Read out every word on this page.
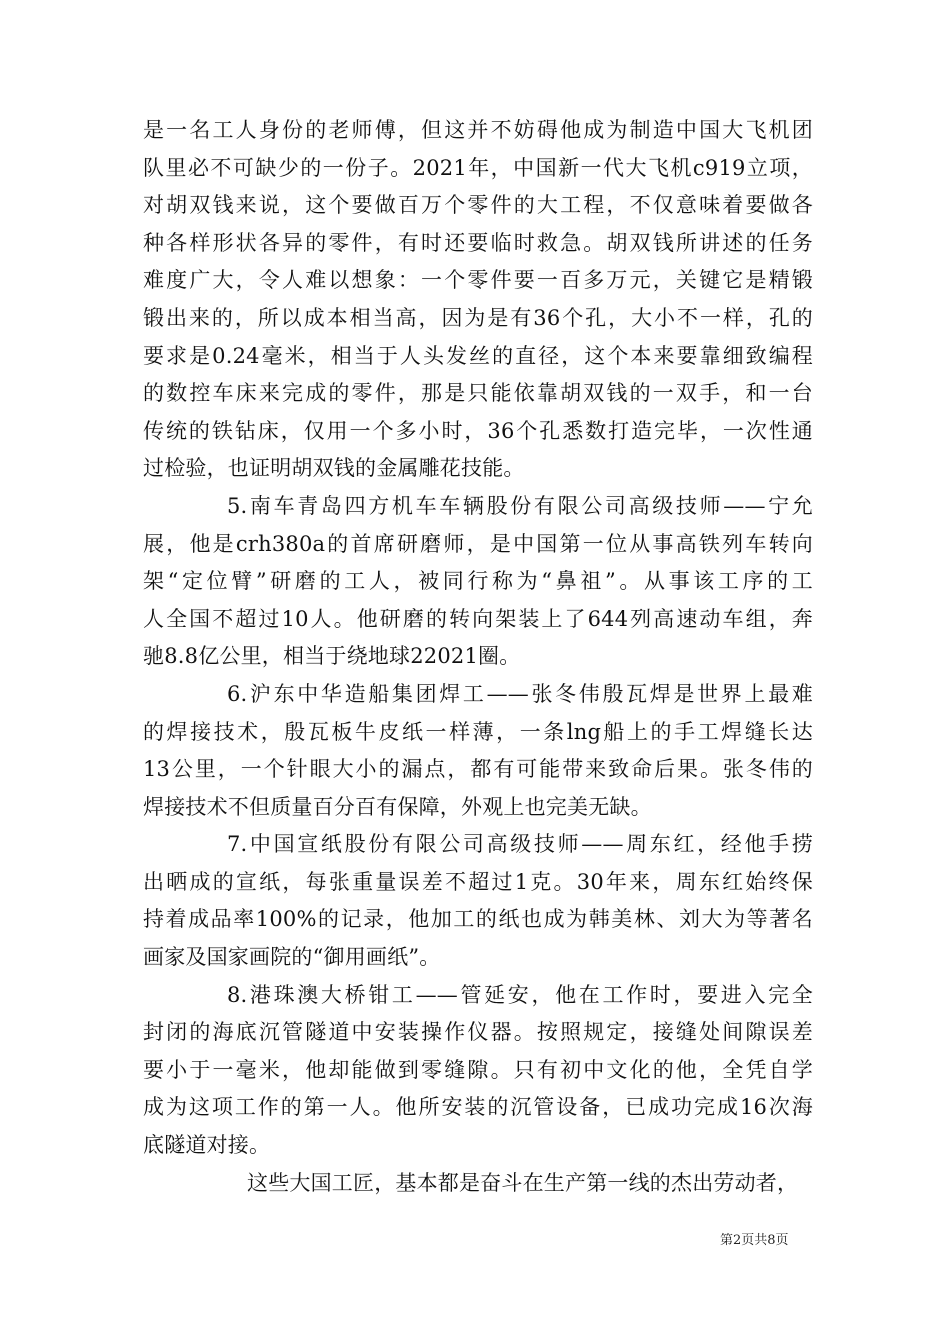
是一名工人身份的老师傅，但这并不妨碍他成为制造中国大飞机团
队里必不可缺少的一份子。2021年，中国新一代大飞机c919立项，
对胡双钱来说，这个要做百万个零件的大工程，不仅意味着要做各
种各样形状各异的零件，有时还要临时救急。胡双钱所讲述的任务
难度广大，令人难以想象：一个零件要一百多万元，关键它是精锻
锻出来的，所以成本相当高，因为是有36个孔，大小不一样，孔的
要求是0.24毫米，相当于人头发丝的直径，这个本来要靠细致编程
的数控车床来完成的零件，那是只能依靠胡双钱的一双手，和一台
传统的铁钻床，仅用一个多小时，36个孔悉数打造完毕，一次性通
过检验，也证明胡双钱的金属雕花技能。
5.南车青岛四方机车车辆股份有限公司高级技师——宁允
展，他是crh380a的首席研磨师，是中国第一位从事高铁列车转向
架“定位臂”研磨的工人，被同行称为“鼻祖”。从事该工序的工
人全国不超过10人。他研磨的转向架装上了644列高速动车组，奔
驰8.8亿公里，相当于绕地球22021圈。
6.沪东中华造船集团焊工——张冬伟殷瓦焊是世界上最难
的焊接技术，殷瓦板牛皮纸一样薄，一条lng船上的手工焊缝长达
13公里，一个针眼大小的漏点，都有可能带来致命后果。张冬伟的
焊接技术不但质量百分百有保障，外观上也完美无缺。
7.中国宣纸股份有限公司高级技师——周东红，经他手捞
出晒成的宣纸，每张重量误差不超过1克。30年来，周东红始终保
持着成品率100%的记录，他加工的纸也成为韩美林、刘大为等著名
画家及国家画院的“御用画纸”。
8.港珠澳大桥钳工——管延安，他在工作时，要进入完全
封闭的海底沉管隧道中安装操作仪器。按照规定，接缝处间隙误差
要小于一毫米，他却能做到零缝隙。只有初中文化的他，全凭自学
成为这项工作的第一人。他所安装的沉管设备，已成功完成16次海
底隧道对接。
这些大国工匠，基本都是奋斗在生产第一线的杰出劳动者，
第2页共8页
